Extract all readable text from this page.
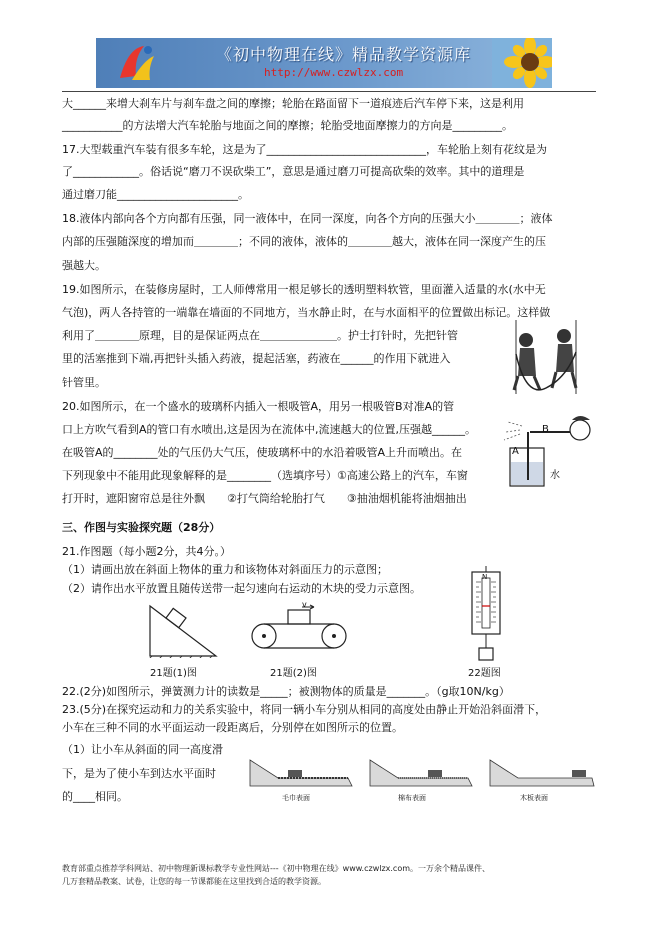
《初中物理在线》精品教学资源库
http://www.czwlzx.com
大______来增大刹车片与刹车盘之间的摩擦；轮胎在路面留下一道痕迹后汽车停下来，这是利用
___________的方法增大汽车轮胎与地面之间的摩擦；轮胎受地面摩擦力的方向是_________。
17.大型载重汽车装有很多车轮，这是为了_____________________________，车轮胎上刻有花纹是为
了____________。俗话说“磨刀不误砍柴工”，意思是通过磨刀可提高砍柴的效率。其中的道理是
通过磨刀能______________________。
18.液体内部向各个方向都有压强，同一液体中，在同一深度，向各个方向的压强大小＿＿＿＿；液体
内部的压强随深度的增加而＿＿＿＿；不同的液体，液体的＿＿＿＿越大，液体在同一深度产生的压
强越大。
19.如图所示，在装修房屋时，工人师傅常用一根足够长的透明塑料软管，里面灌入适量的水(水中无
气泡)，两人各持管的一端靠在墙面的不同地方，当水静止时，在与水面相平的位置做出标记。这样做
利用了＿＿＿＿原理，目的是保证两点在＿＿＿＿＿＿＿。护士打针时，先把针管
里的活塞推到下端,再把针头插入药液，提起活塞，药液在______的作用下就进入
针管里。
20.如图所示，在一个盛水的玻璃杯内插入一根吸管A，用另一根吸管B对准A的管
口上方吹气看到A的管口有水喷出,这是因为在流体中,流速越大的位置,压强越______。
在吸管A的________处的气压仍大气压，使玻璃杯中的水沿着吸管A上升而喷出。在
下列现象中不能用此现象解释的是________（选填序号）①高速公路上的汽车，车窗
打开时，遮阳窗帘总是往外飘　　②打气筒给轮胎打气　　③抽油烟机能将油烟抽出
三、作图与实验探究题（28分）
21.作图题（每小题2分，共4分。）
（1）请画出放在斜面上物体的重力和该物体对斜面压力的示意图；
（2）请作出水平放置且随传送带一起匀速向右运动的木块的受力示意图。
22.(2分)如图所示，弹簧测力计的读数是_____；被测物体的质量是_______。（g取10N/kg）
23.(5分)在探究运动和力的关系实验中，将同一辆小车分别从相同的高度处由静止开始沿斜面滑下，
小车在三种不同的水平面运动一段距离后，分别停在如图所示的位置。
（1）让小车从斜面的同一高度滑
下，是为了使小车到达水平面时
的____相同。
B
A
水
21题(1)图
v
21题(2)图
N
22题图
毛巾表面	棉布表面	木板表面
教育部重点推荐学科网站、初中物理新课标教学专业性网站---《初中物理在线》www.czwlzx.com。一万余个精品课件、
几万套精品教案、试卷，让您的每一节课都能在这里找到合适的教学资源。
